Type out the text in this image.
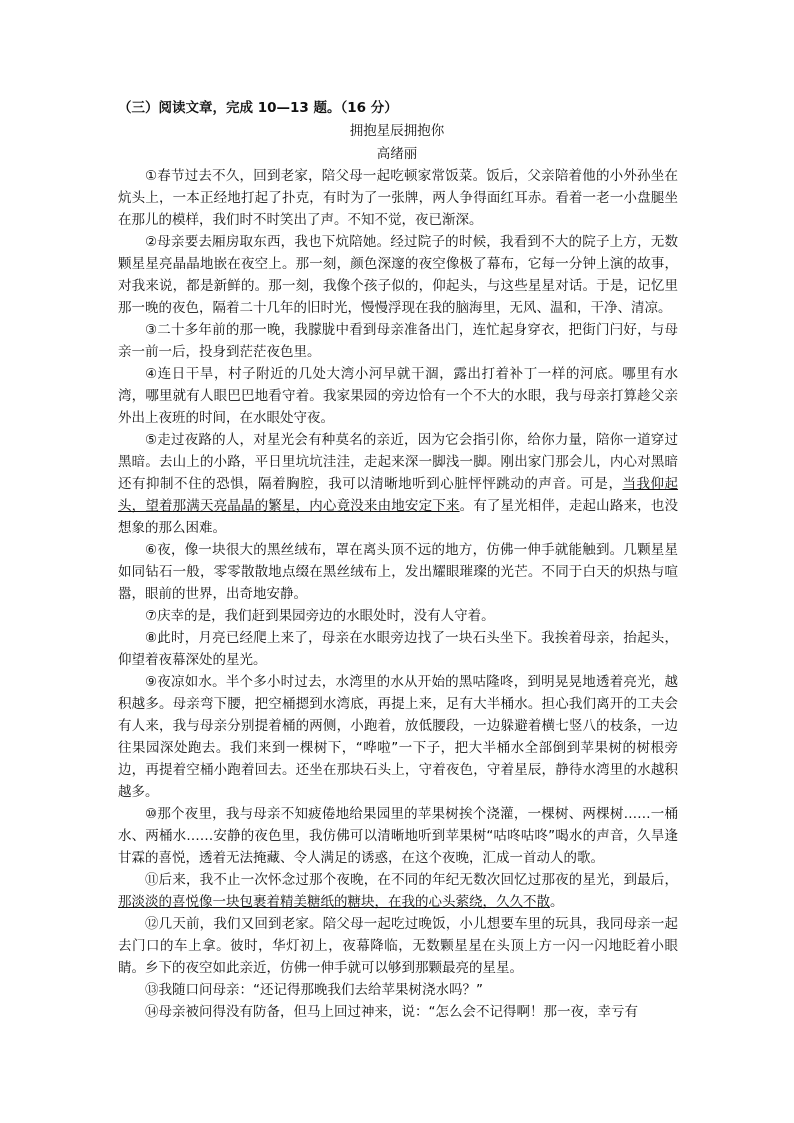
（三）阅读文章，完成 10—13 题。（16 分）
拥抱星辰拥抱你
高绪丽

①春节过去不久，回到老家，陪父母一起吃顿家常饭菜。饭后，父亲陪着他的小外孙坐在炕头上，一本正经地打起了扑克，有时为了一张牌，两人争得面红耳赤。看着一老一小盘腿坐在那儿的模样，我们时不时笑出了声。不知不觉，夜已渐深。

②母亲要去厢房取东西，我也下炕陪她。经过院子的时候，我看到不大的院子上方，无数颗星星亮晶晶地嵌在夜空上。那一刻，颜色深邃的夜空像极了幕布，它每一分钟上演的故事，对我来说，都是新鲜的。那一刻，我像个孩子似的，仰起头，与这些星星对话。于是，记忆里那一晚的夜色，隔着二十几年的旧时光，慢慢浮现在我的脑海里，无风、温和，干净、清凉。

③二十多年前的那一晚，我朦胧中看到母亲准备出门，连忙起身穿衣，把街门闩好，与母亲一前一后，投身到茫茫夜色里。

④连日干旱，村子附近的几处大湾小河早就干涸，露出打着补丁一样的河底。哪里有水湾，哪里就有人眼巴巴地看守着。我家果园的旁边恰有一个不大的水眼，我与母亲打算趁父亲外出上夜班的时间，在水眼处守夜。

⑤走过夜路的人，对星光会有种莫名的亲近，因为它会指引你，给你力量，陪你一道穿过黑暗。去山上的小路，平日里坑坑洼洼，走起来深一脚浅一脚。刚出家门那会儿，内心对黑暗还有抑制不住的恐惧，隔着胸腔，我可以清晰地听到心脏怦怦跳动的声音。可是，当我仰起头，望着那满天亮晶晶的繁星，内心竟没来由地安定下来。有了星光相伴，走起山路来，也没想象的那么困难。

⑥夜，像一块很大的黑丝绒布，罩在离头顶不远的地方，仿佛一伸手就能触到。几颗星星如同钻石一般，零零散散地点缀在黑丝绒布上，发出耀眼璀璨的光芒。不同于白天的炽热与喧嚣，眼前的世界，出奇地安静。

⑦庆幸的是，我们赶到果园旁边的水眼处时，没有人守着。

⑧此时，月亮已经爬上来了，母亲在水眼旁边找了一块石头坐下。我挨着母亲，抬起头，仰望着夜幕深处的星光。

⑨夜凉如水。半个多小时过去，水湾里的水从开始的黑咕隆咚，到明晃晃地透着亮光，越积越多。母亲弯下腰，把空桶摁到水湾底，再提上来，足有大半桶水。担心我们离开的工夫会有人来，我与母亲分别提着桶的两侧，小跑着，放低腰段，一边躲避着横七竖八的枝条，一边往果园深处跑去。我们来到一棵树下，“哗啦”一下子，把大半桶水全部倒到苹果树的树根旁边，再提着空桶小跑着回去。还坐在那块石头上，守着夜色，守着星辰，静待水湾里的水越积越多。

⑩那个夜里，我与母亲不知疲倦地给果园里的苹果树挨个浇灌，一棵树、两棵树……一桶水、两桶水……安静的夜色里，我仿佛可以清晰地听到苹果树“咕咚咕咚”喝水的声音，久旱逢甘霖的喜悦，透着无法掩藏、令人满足的诱惑，在这个夜晚，汇成一首动人的歌。

⑪后来，我不止一次怀念过那个夜晚，在不同的年纪无数次回忆过那夜的星光，到最后，那淡淡的喜悦像一块包裹着精美糖纸的糖块，在我的心头萦绕，久久不散。

⑫几天前，我们又回到老家。陪父母一起吃过晚饭，小儿想要车里的玩具，我同母亲一起去门口的车上拿。彼时，华灯初上，夜幕降临，无数颗星星在头顶上方一闪一闪地眨着小眼睛。乡下的夜空如此亲近，仿佛一伸手就可以够到那颗最亮的星星。

⑬我随口问母亲：“还记得那晚我们去给苹果树浇水吗？”

⑭母亲被问得没有防备，但马上回过神来，说：“怎么会不记得啊！那一夜，幸亏有
